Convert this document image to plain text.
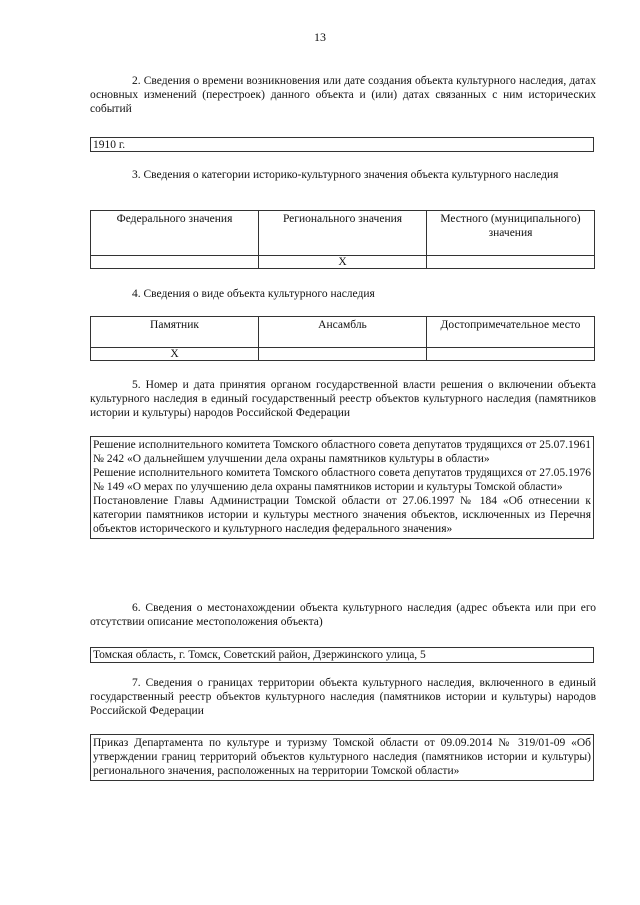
13
2. Сведения о времени возникновения или дате создания объекта культурного наследия, датах основных изменений (перестроек) данного объекта и (или) датах связанных с ним исторических событий

1910 г.

3. Сведения о категории историко-культурного значения объекта культурного наследия
Федерального значения	Регионального значения	Местного (муниципального) значения
	Х	
4. Сведения о виде объекта культурного наследия
Памятник	Ансамбль	Достопримечательное место
Х		
5. Номер и дата принятия органом государственной власти решения о включении объекта культурного наследия в единый государственный реестр объектов культурного наследия (памятников истории и культуры) народов Российской Федерации

Решение исполнительного комитета Томского областного совета депутатов трудящихся от 25.07.1961 № 242 «О дальнейшем улучшении дела охраны памятников культуры в области»

Решение исполнительного комитета Томского областного совета депутатов трудящихся от 27.05.1976 № 149 «О мерах по улучшению дела охраны памятников истории и культуры Томской области»

Постановление Главы Администрации Томской области от 27.06.1997 № 184 «Об отнесении к категории памятников истории и культуры местного значения объектов, исключенных из Перечня объектов исторического и культурного наследия федерального значения»

6. Сведения о местонахождении объекта культурного наследия (адрес объекта или при его отсутствии описание местоположения объекта)

Томская область, г. Томск, Советский район, Дзержинского улица, 5

7. Сведения о границах территории объекта культурного наследия, включенного в единый государственный реестр объектов культурного наследия (памятников истории и культуры) народов Российской Федерации

Приказ Департамента по культуре и туризму Томской области от 09.09.2014 № 319/01-09 «Об утверждении границ территорий объектов культурного наследия (памятников истории и культуры) регионального значения, расположенных на территории Томской области»
